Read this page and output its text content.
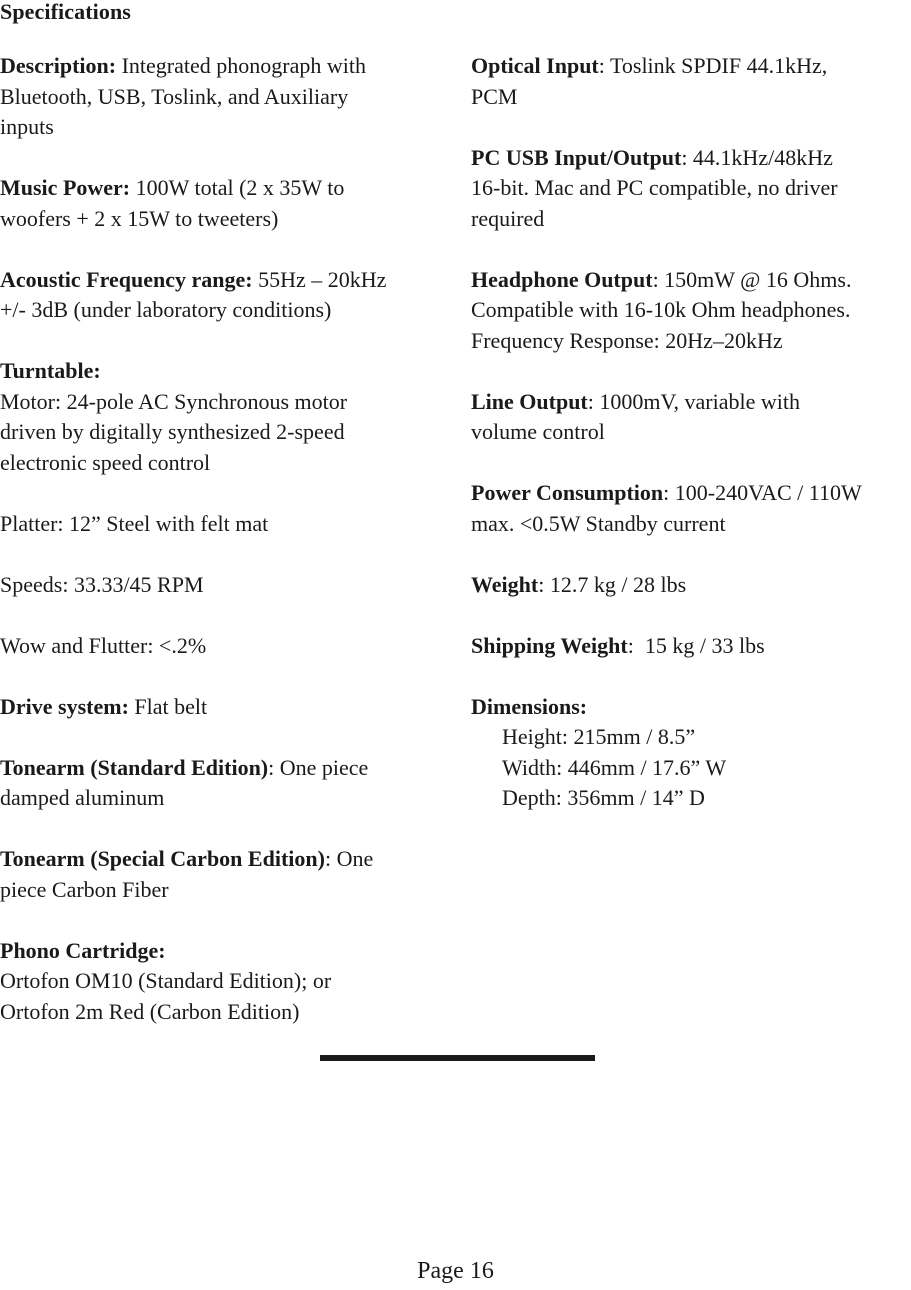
Specifications
Description: Integrated phonograph with
Bluetooth, USB, Toslink, and Auxiliary
inputs
Music Power: 100W total (2 x 35W to
woofers + 2 x 15W to tweeters)
Acoustic Frequency range: 55Hz – 20kHz
+/- 3dB (under laboratory conditions)
Turntable:
Motor: 24-pole AC Synchronous motor
driven by digitally synthesized 2-speed
electronic speed control
Platter: 12” Steel with felt mat
Speeds: 33.33/45 RPM
Wow and Flutter: <.2%
Drive system: Flat belt
Tonearm (Standard Edition): One piece
damped aluminum
Tonearm (Special Carbon Edition): One
piece Carbon Fiber
Phono Cartridge:
Ortofon OM10 (Standard Edition); or
Ortofon 2m Red (Carbon Edition)
Optical Input: Toslink SPDIF 44.1kHz,
PCM
PC USB Input/Output: 44.1kHz/48kHz
16-bit. Mac and PC compatible, no driver
required
Headphone Output: 150mW @ 16 Ohms.
Compatible with 16-10k Ohm headphones.
Frequency Response: 20Hz–20kHz
Line Output: 1000mV, variable with
volume control
Power Consumption: 100-240VAC / 110W
max. <0.5W Standby current
Weight: 12.7 kg / 28 lbs
Shipping Weight:  15 kg / 33 lbs
Dimensions:
Height: 215mm / 8.5”
Width: 446mm / 17.6” W
Depth: 356mm / 14” D
Page 16
